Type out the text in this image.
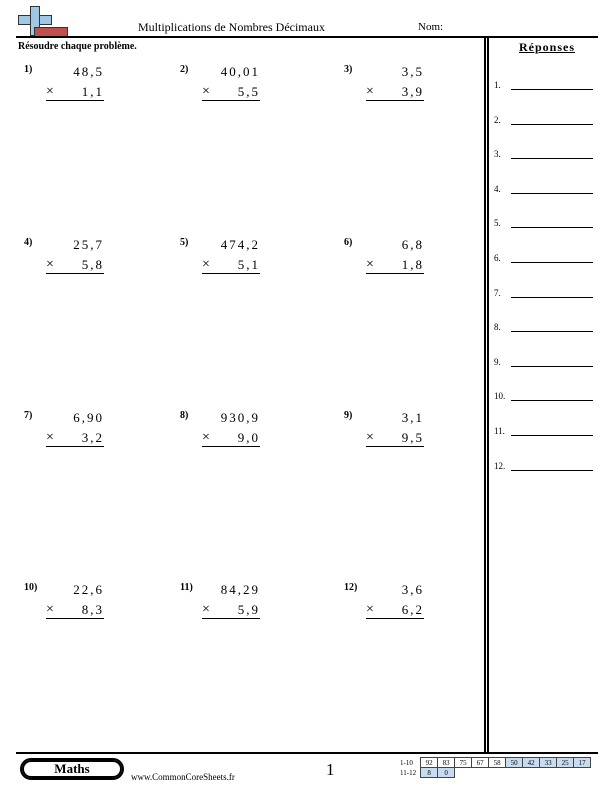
Multiplications de Nombres Décimaux	Nom:
Résoudre chaque problème.	Réponses
1.
2.
3.
4.
5.
6.
7.
8.
9.
10.
11.
12.
1)	48,5
× 1,1
2) 40,01
× 5,5
3)	3,5
× 3,9
4)	25,7
× 5,8
5) 474,2
× 5,1
6)	6,8
× 1,8
7)	6,90
× 3,2
8) 930,9
× 9,0
9)	3,1
× 9,5
10)	22,6
× 8,3
11) 84,29
× 5,9
12)	3,6
× 6,2
Maths
www.CommonCoreSheets.fr	1	1-10	92	83	75	67	58	50	42	33	25	17
11-12	8	0								
